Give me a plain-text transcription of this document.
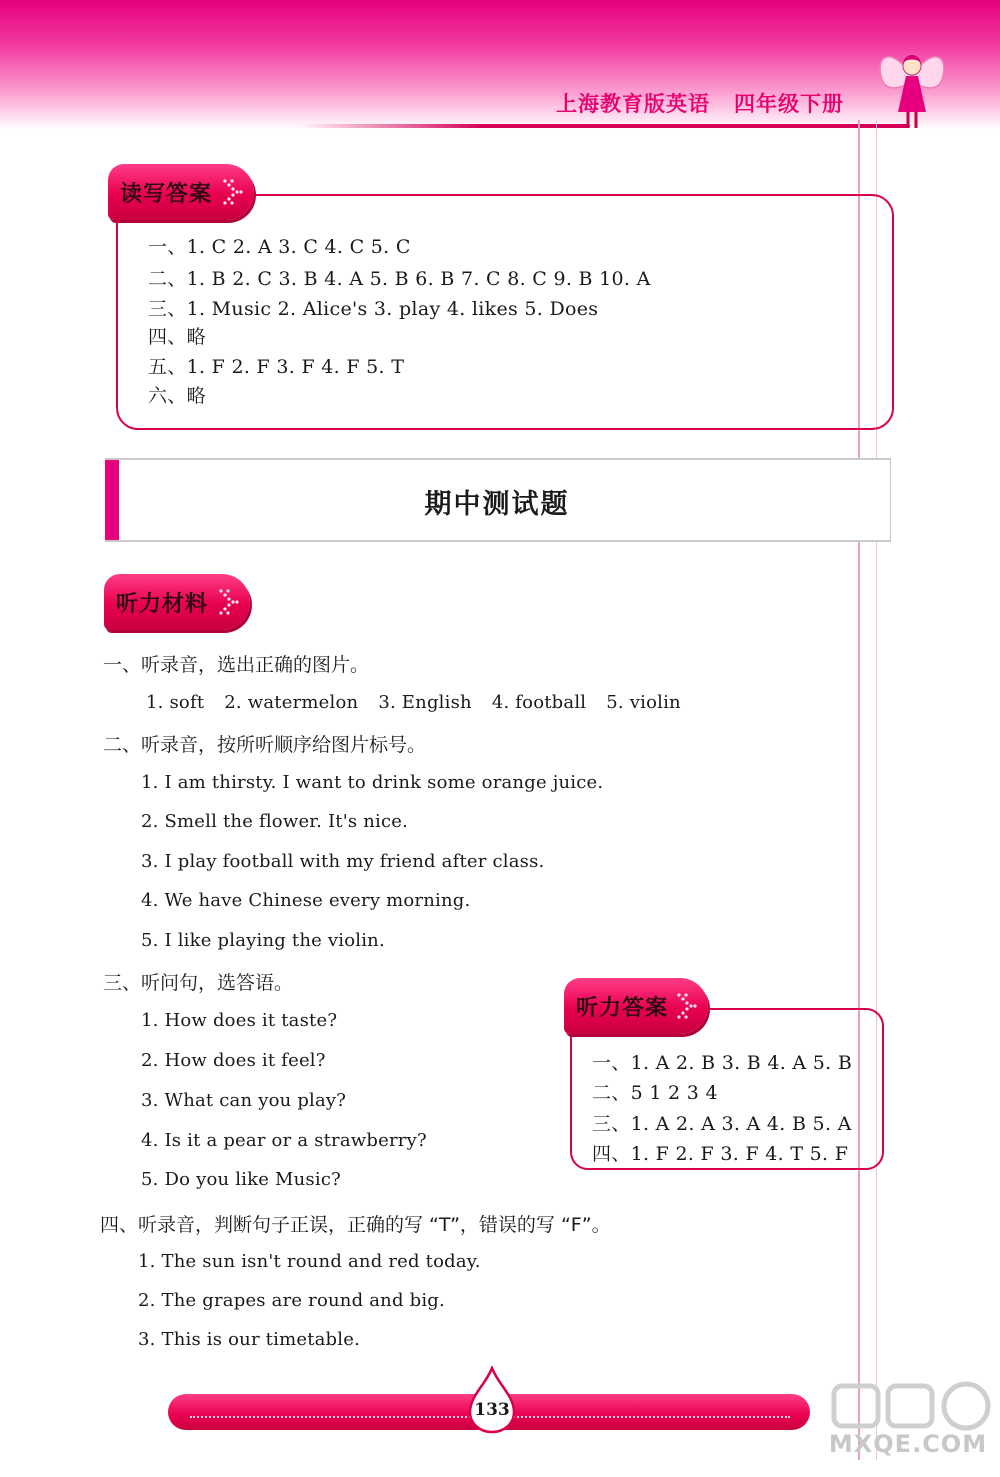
上海教育版英语 四年级下册
读写答案
一、1. C 2. A 3. C 4. C 5. C
二、1. B 2. C 3. B 4. A 5. B 6. B 7. C 8. C 9. B 10. A
三、1. Music 2. Alice's 3. play 4. likes 5. Does
四、略
五、1. F 2. F 3. F 4. F 5. T
六、略
期中测试题
听力材料
一、听录音，选出正确的图片。
1. soft 2. watermelon 3. English 4. football 5. violin
二、听录音，按所听顺序给图片标号。
1. I am thirsty. I want to drink some orange juice.
2. Smell the flower. It's nice.
3. I play football with my friend after class.
4. We have Chinese every morning.
5. I like playing the violin.
三、听问句，选答语。
1. How does it taste?
2. How does it feel?
3. What can you play?
4. Is it a pear or a strawberry?
5. Do you like Music?
四、听录音，判断句子正误，正确的写 “T”，错误的写 “F”。
1. The sun isn't round and red today.
2. The grapes are round and big.
3. This is our timetable.
听力答案
一、1. A 2. B 3. B 4. A 5. B
二、5 1 2 3 4
三、1. A 2. A 3. A 4. B 5. A
四、1. F 2. F 3. F 4. T 5. F
133
MXQE.COM
